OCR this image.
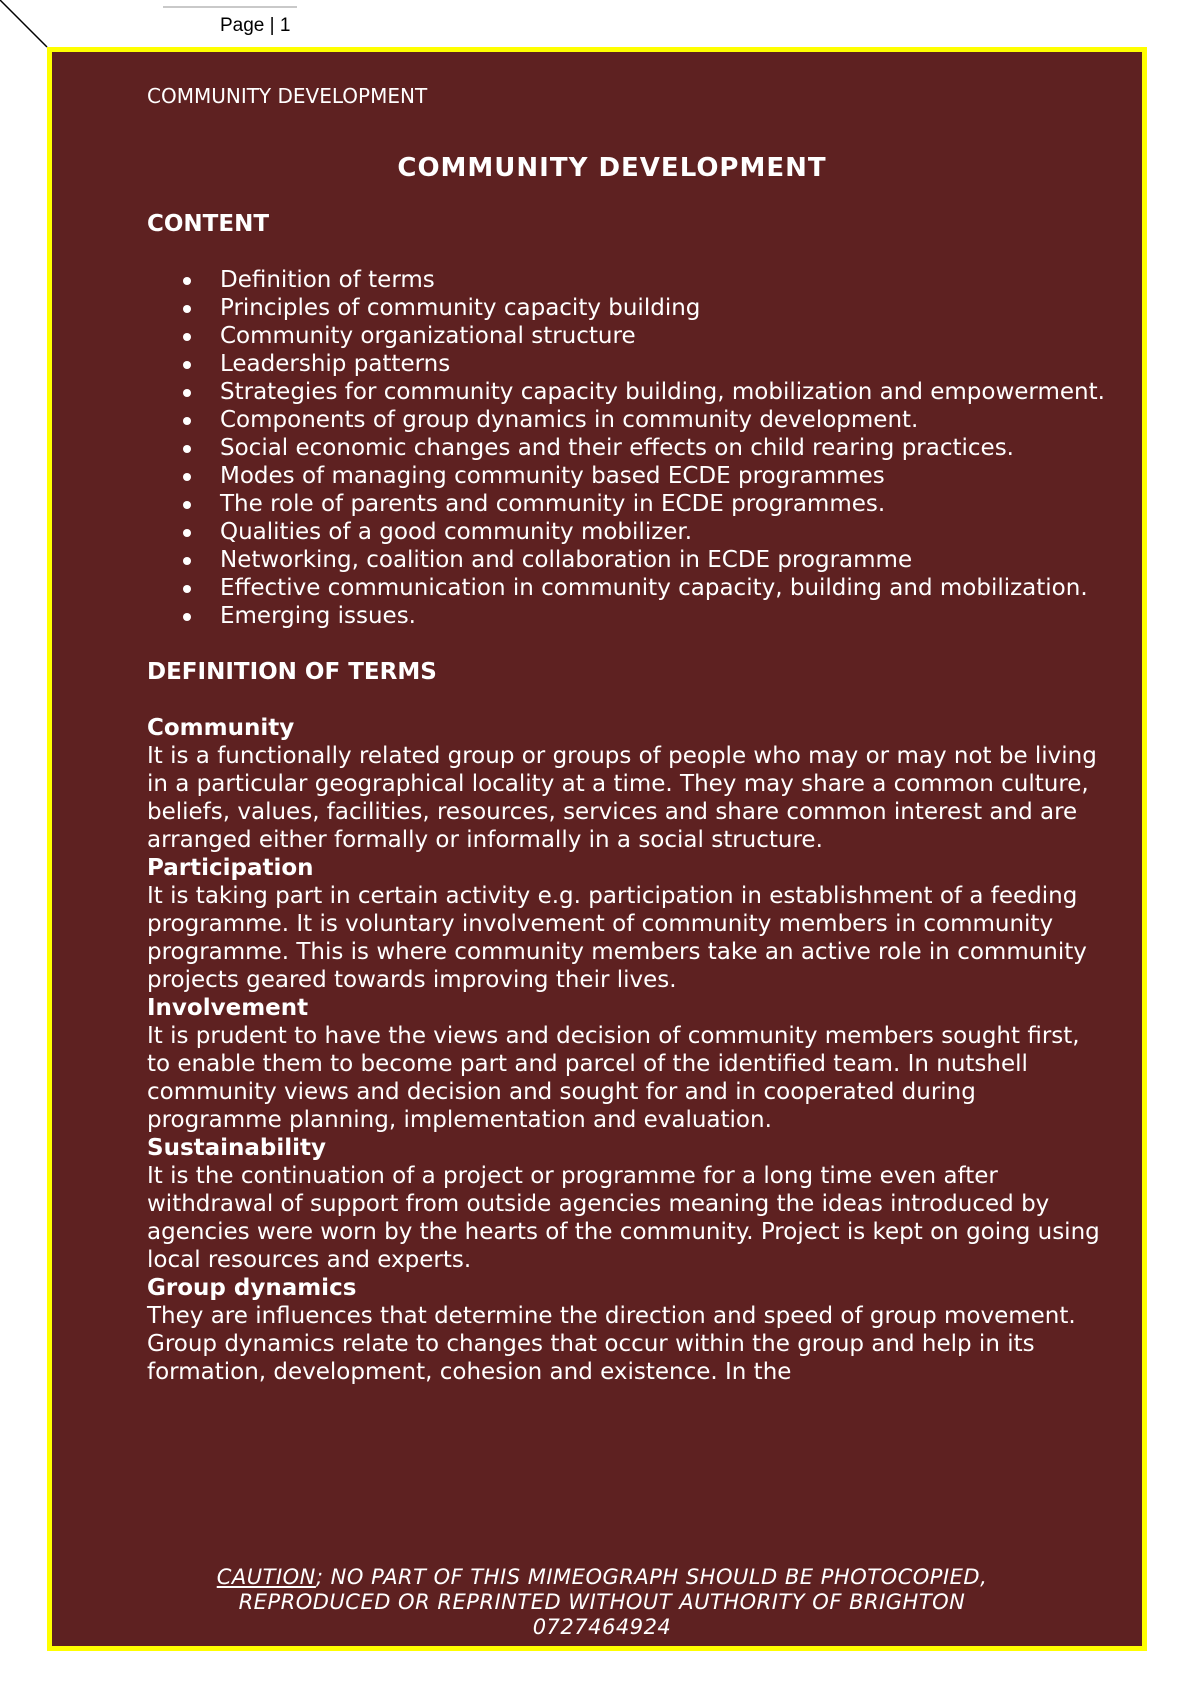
Page | 1

COMMUNITY DEVELOPMENT

COMMUNITY DEVELOPMENT
CONTENT
Definition of terms
Principles of community capacity building
Community organizational structure
Leadership patterns
Strategies for community capacity building, mobilization and empowerment.
Components of group dynamics in community development.
Social economic changes and their effects on child rearing practices.
Modes of managing community based ECDE programmes
The role of parents and community in ECDE programmes.
Qualities of a good community mobilizer.
Networking, coalition and collaboration in ECDE programme
Effective communication in community capacity, building and mobilization.
Emerging issues.
DEFINITION OF TERMS

Community

It is a functionally related group or groups of people who may or may not be living in a particular geographical locality at a time. They may share a common culture, beliefs, values, facilities, resources, services and share common interest and are arranged either formally or informally in a social structure.

Participation

It is taking part in certain activity e.g. participation in establishment of a feeding programme. It is voluntary involvement of community members in community programme. This is where community members take an active role in community projects geared towards improving their lives.

Involvement

It is prudent to have the views and decision of community members sought first, to enable them to become part and parcel of the identified team. In nutshell community views and decision and sought for and in cooperated during programme planning, implementation and evaluation.

Sustainability

It is the continuation of a project or programme for a long time even after withdrawal of support from outside agencies meaning the ideas introduced by agencies were worn by the hearts of the community. Project is kept on going using local resources and experts.

Group dynamics

They are influences that determine the direction and speed of group movement. Group dynamics relate to changes that occur within the group and help in its formation, development, cohesion and existence. In the

CAUTION; NO PART OF THIS MIMEOGRAPH SHOULD BE PHOTOCOPIED, REPRODUCED OR REPRINTED WITHOUT AUTHORITY OF BRIGHTON
0727464924
